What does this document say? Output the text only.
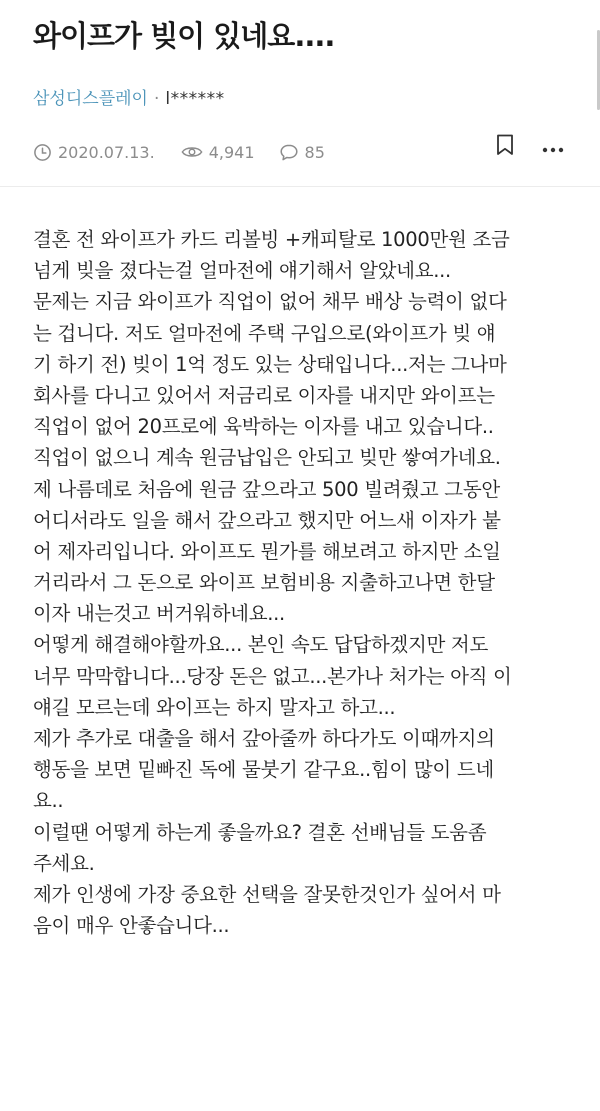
와이프가 빚이 있네요....
삼성디스플레이 · l******
2020.07.13.	4,941	85
결혼 전 와이프가 카드 리볼빙 +캐피탈로 1000만원 조금
넘게 빚을 졌다는걸 얼마전에 얘기해서 알았네요...
문제는 지금 와이프가 직업이 없어 채무 배상 능력이 없다
는 겁니다. 저도 얼마전에 주택 구입으로(와이프가 빚 얘
기 하기 전) 빚이 1억 정도 있는 상태입니다...저는 그나마
회사를 다니고 있어서 저금리로 이자를 내지만 와이프는
직업이 없어 20프로에 육박하는 이자를 내고 있습니다..
직업이 없으니 계속 원금납입은 안되고 빚만 쌓여가네요.
제 나름데로 처음에 원금 갚으라고 500 빌려줬고 그동안
어디서라도 일을 해서 갚으라고 했지만 어느새 이자가 붙
어 제자리입니다. 와이프도 뭔가를 해보려고 하지만 소일
거리라서 그 돈으로 와이프 보험비용 지출하고나면 한달
이자 내는것고 버거워하네요...
어떻게 해결해야할까요... 본인 속도 답답하겠지만 저도
너무 막막합니다...당장 돈은 없고...본가나 처가는 아직 이
얘길 모르는데 와이프는 하지 말자고 하고...
제가 추가로 대출을 해서 갚아줄까 하다가도 이때까지의
행동을 보면 밑빠진 독에 물붓기 같구요..힘이 많이 드네
요..
이럴땐 어떻게 하는게 좋을까요? 결혼 선배님들 도움좀
주세요.
제가 인생에 가장 중요한 선택을 잘못한것인가 싶어서 마
음이 매우 안좋습니다...
